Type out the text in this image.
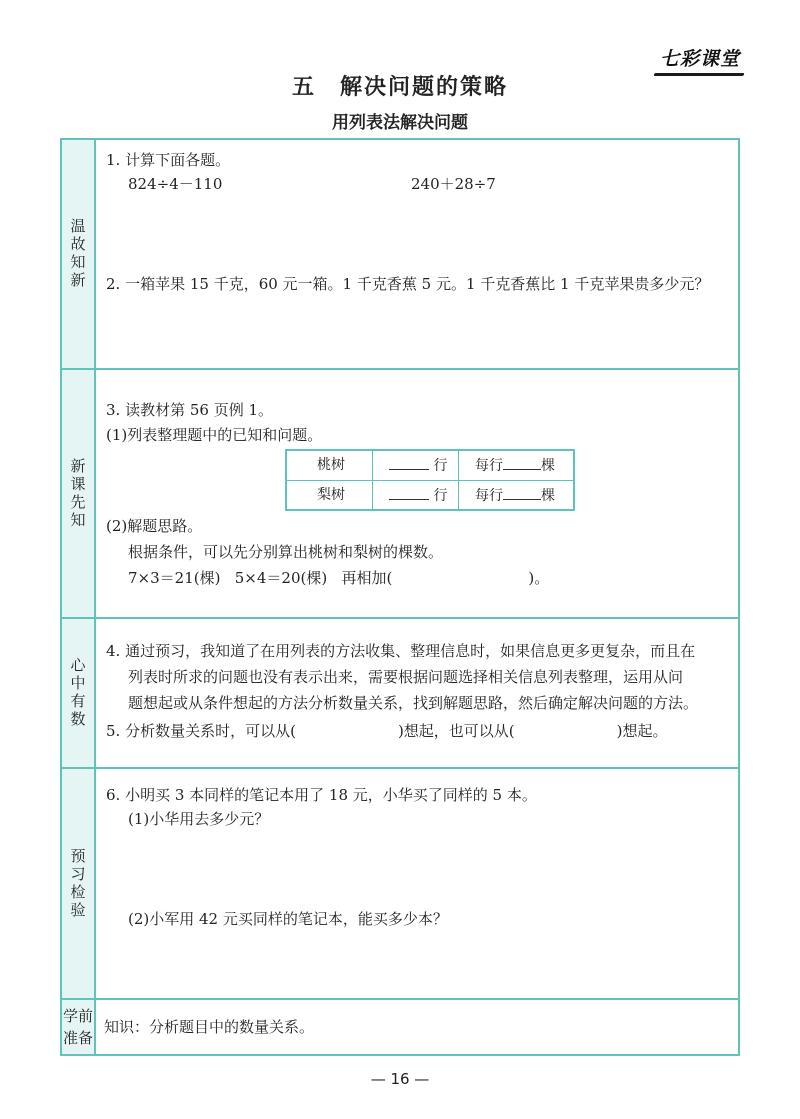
七彩课堂
五　解决问题的策略
用列表法解决问题
温故知新
1. 计算下面各题。
824÷4－110	240＋28÷7
2. 一箱苹果 15 千克，60 元一箱。1 千克香蕉 5 元。1 千克香蕉比 1 千克苹果贵多少元？
新课先知
3. 读教材第 56 页例 1。
(1)列表整理题中的已知和问题。
(2)解题思路。
根据条件，可以先分别算出桃树和梨树的棵数。
7×3＝21(棵) 5×4＝20(棵) 再相加(	)。
桃树	行	每行	棵
梨树	行	每行	棵
心中有数
4. 通过预习，我知道了在用列表的方法收集、整理信息时，如果信息更多更复杂，而且在
列表时所求的问题也没有表示出来，需要根据问题选择相关信息列表整理，运用从问
题想起或从条件想起的方法分析数量关系，找到解题思路，然后确定解决问题的方法。
5. 分析数量关系时，可以从(	)想起，也可以从(	)想起。
预习检验
6. 小明买 3 本同样的笔记本用了 18 元，小华买了同样的 5 本。
(1)小华用去多少元？
(2)小军用 42 元买同样的笔记本，能买多少本？
学前
准备
知识：分析题目中的数量关系。
— 16 —
